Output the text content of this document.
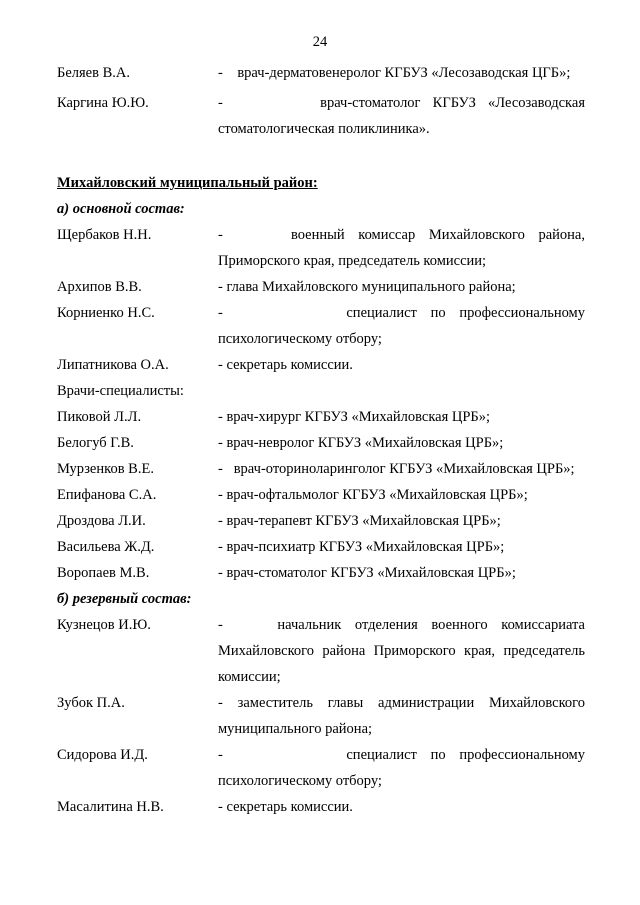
24
Беляев В.А.	-    врач-дерматовенеролог КГБУЗ «Лесозаводская ЦГБ»;
Каргина Ю.Ю.	-        врач-стоматолог КГБУЗ «Лесозаводская стоматологическая поликлиника».
Михайловский муниципальный район:
а) основной состав:
Щербаков Н.Н.	-     военный комиссар Михайловского района, Приморского края, председатель комиссии;
Архипов В.В.	- глава Михайловского муниципального района;
Корниенко Н.С.	-         специалист по профессиональному психологическому отбору;
Липатникова О.А.	- секретарь комиссии.
Врачи-специалисты:
Пиковой Л.Л.	- врач-хирург КГБУЗ «Михайловская ЦРБ»;
Белогуб Г.В.	- врач-невролог КГБУЗ «Михайловская ЦРБ»;
Мурзенков В.Е.	-   врач-оториноларинголог КГБУЗ «Михайловская ЦРБ»;
Епифанова С.А.	- врач-офтальмолог КГБУЗ «Михайловская ЦРБ»;
Дроздова Л.И.	- врач-терапевт КГБУЗ «Михайловская ЦРБ»;
Васильева Ж.Д.	- врач-психиатр КГБУЗ «Михайловская ЦРБ»;
Воропаев М.В.	- врач-стоматолог КГБУЗ «Михайловская ЦРБ»;
б) резервный состав:
Кузнецов И.Ю.	-    начальник отделения военного комиссариата Михайловского района Приморского края, председатель комиссии;
Зубок П.А.	- заместитель главы администрации Михайловского муниципального района;
Сидорова И.Д.	-         специалист по профессиональному психологическому отбору;
Масалитина Н.В.	- секретарь комиссии.
